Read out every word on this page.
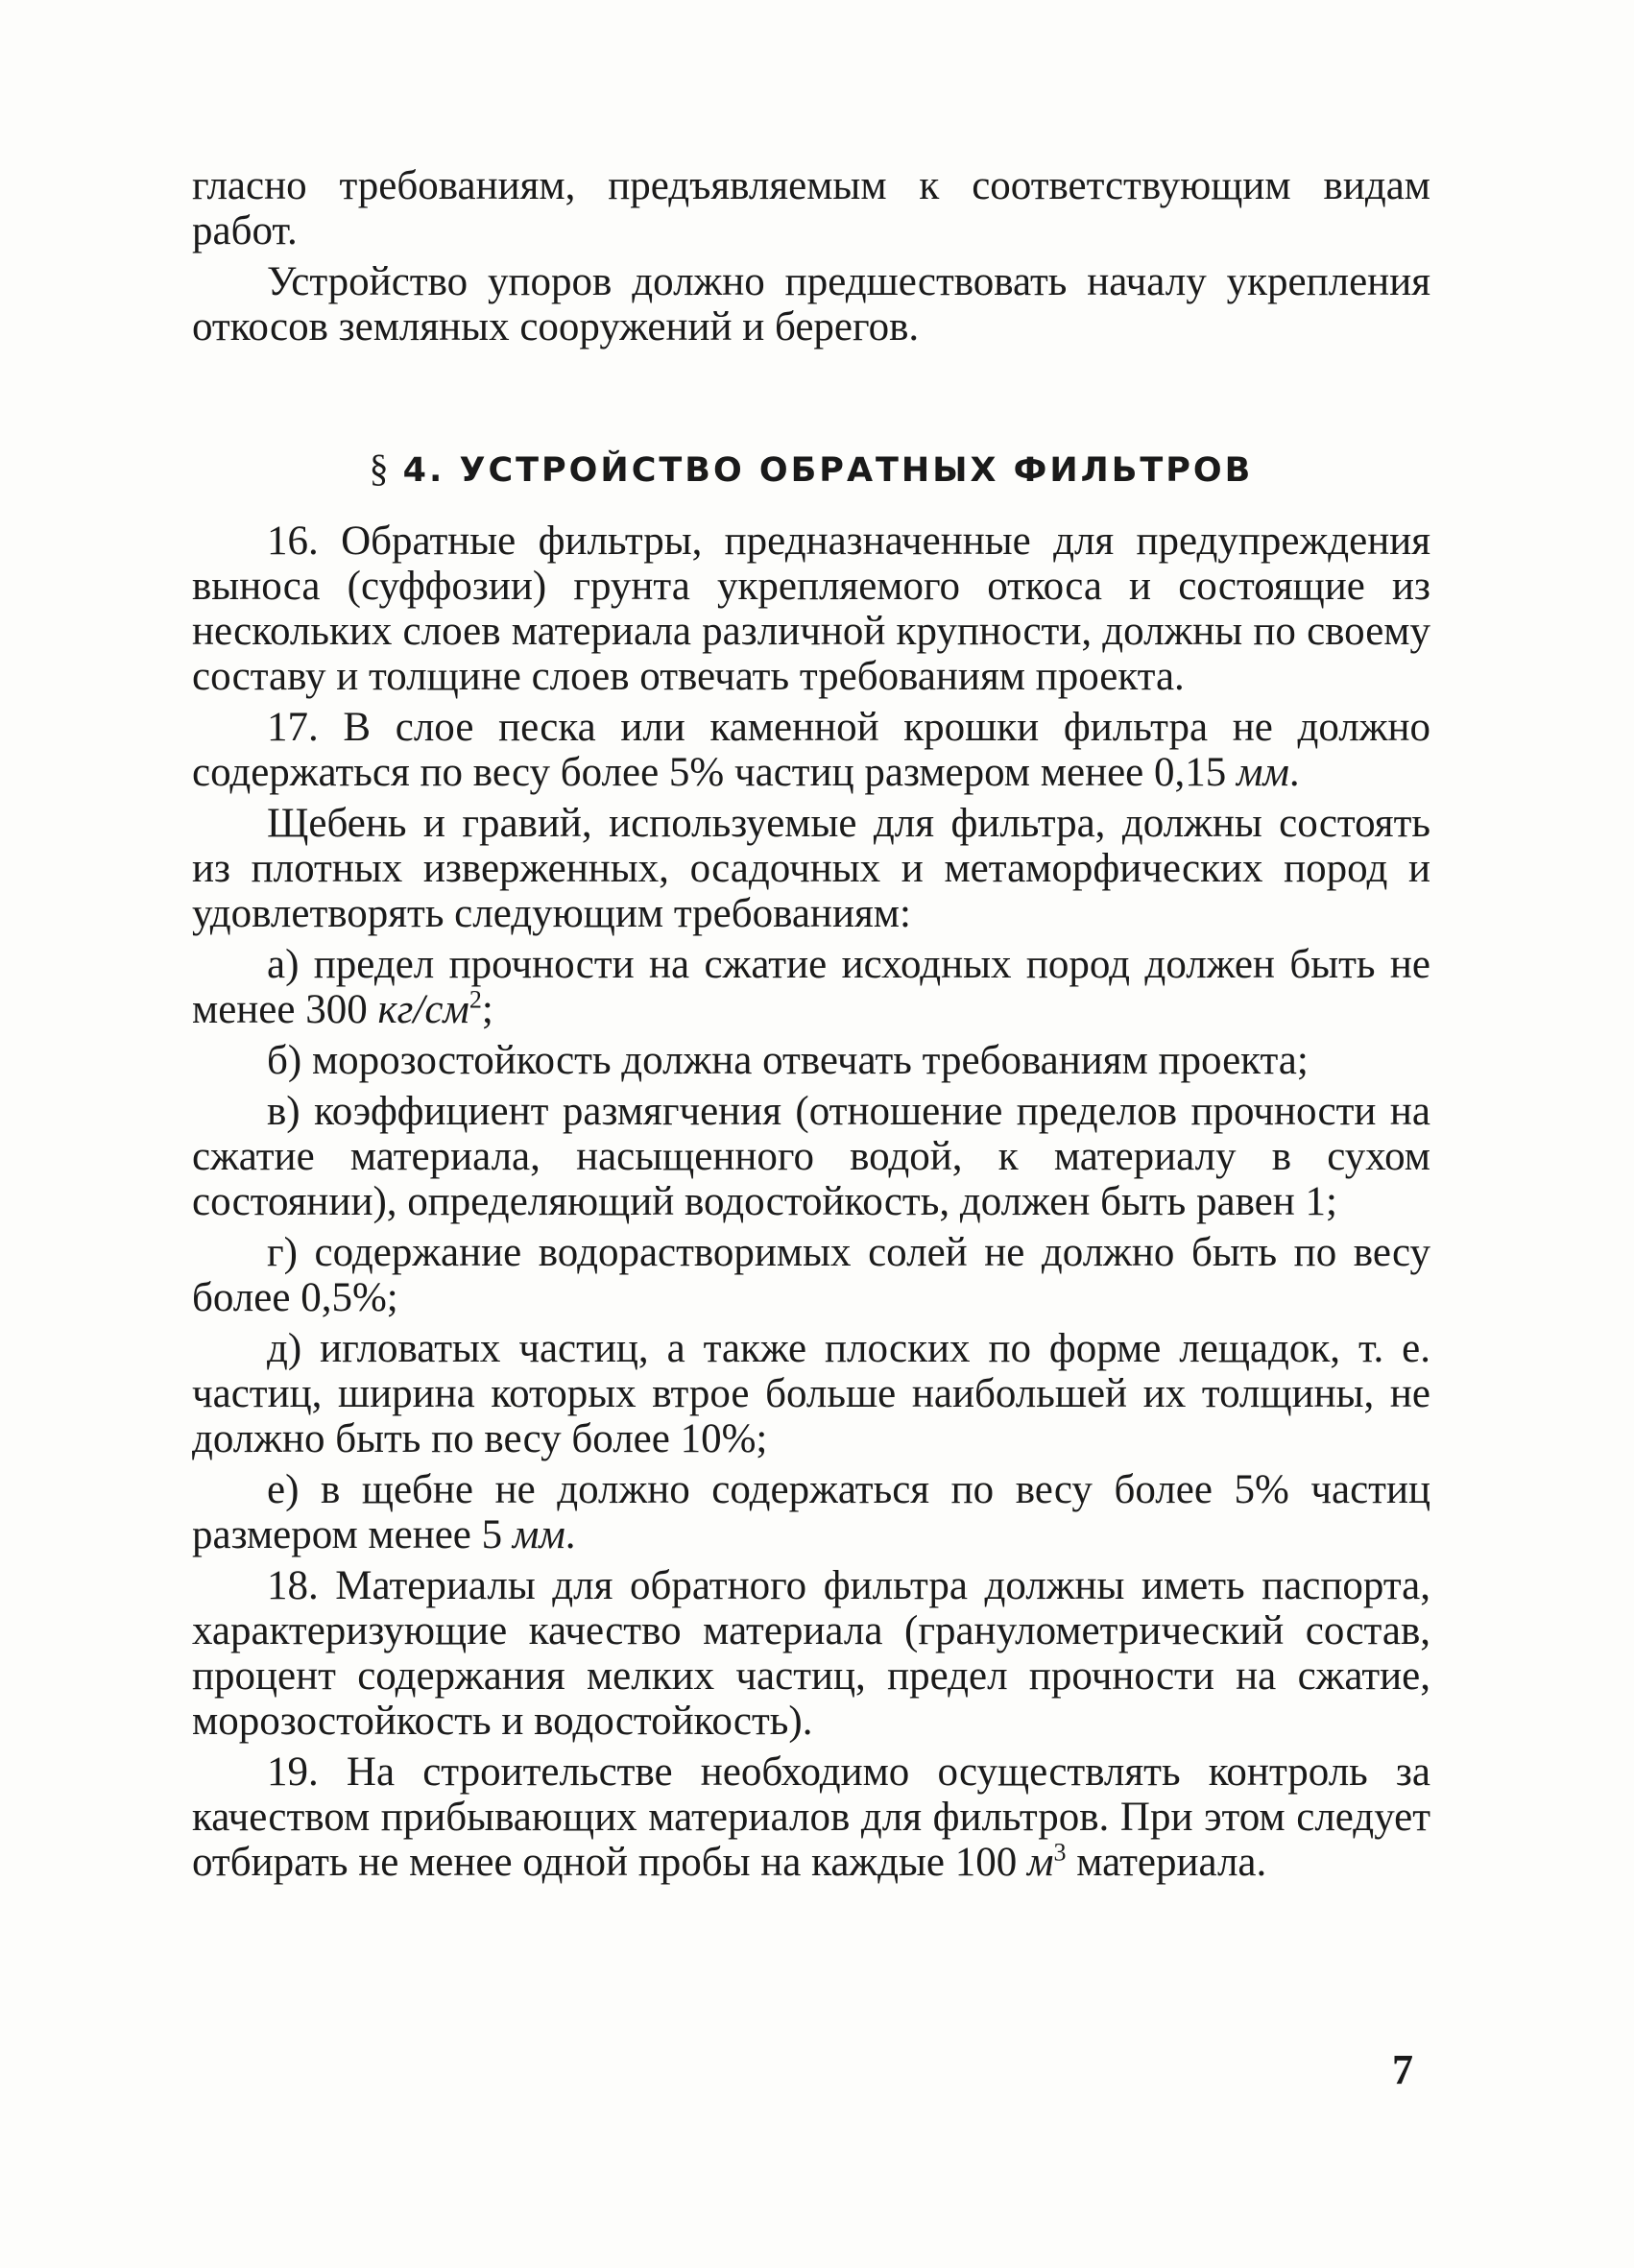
гласно требованиям, предъявляемым к соответствующим видам работ.

Устройство упоров должно предшествовать началу укрепления откосов земляных сооружений и берегов.

§ 4. УСТРОЙСТВО ОБРАТНЫХ ФИЛЬТРОВ

16. Обратные фильтры, предназначенные для предупреждения выноса (суффозии) грунта укрепляемого откоса и состоящие из нескольких слоев материала различной крупности, должны по своему составу и толщине слоев отвечать требованиям проекта.

17. В слое песка или каменной крошки фильтра не должно содержаться по весу более 5% частиц размером менее 0,15 мм.

Щебень и гравий, используемые для фильтра, должны состоять из плотных изверженных, осадочных и метаморфических пород и удовлетворять следующим требованиям:

а) предел прочности на сжатие исходных пород должен быть не менее 300 $кг/см^2$;

б) морозостойкость должна отвечать требованиям проекта;

в) коэффициент размягчения (отношение пределов прочности на сжатие материала, насыщенного водой, к материалу в сухом состоянии), определяющий водостойкость, должен быть равен 1;

г) содержание водорастворимых солей не должно быть по весу более 0,5%;

д) игловатых частиц, а также плоских по форме лещадок, т. е. частиц, ширина которых втрое больше наибольшей их толщины, не должно быть по весу более 10%;

е) в щебне не должно содержаться по весу более 5% частиц размером менее 5 мм.

18. Материалы для обратного фильтра должны иметь паспорта, характеризующие качество материала (гранулометрический состав, процент содержания мелких частиц, предел прочности на сжатие, морозостойкость и водостойкость).

19. На строительстве необходимо осуществлять контроль за качеством прибывающих материалов для фильтров. При этом следует отбирать не менее одной пробы на каждые 100 $м^3$ материала.

7
